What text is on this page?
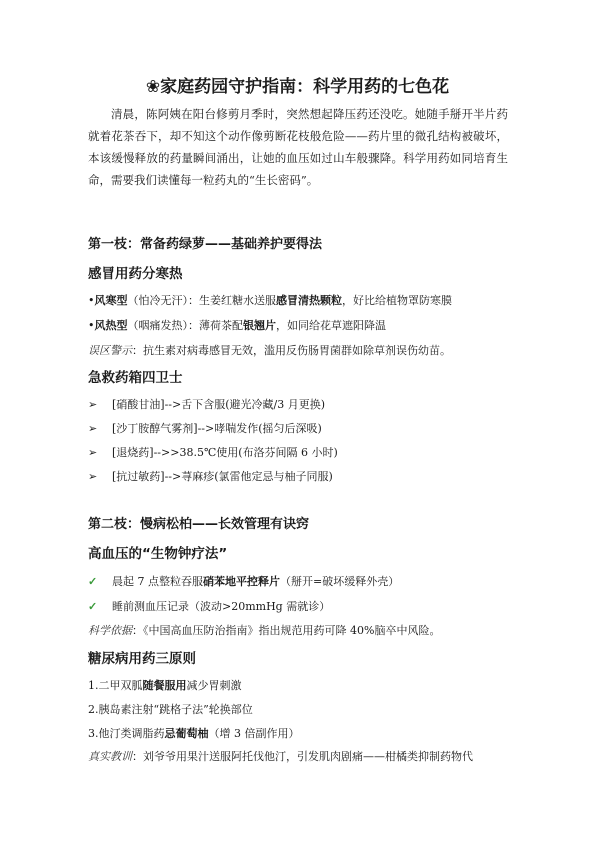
❀家庭药园守护指南：科学用药的七色花
清晨，陈阿姨在阳台修剪月季时，突然想起降压药还没吃。她随手掰开半片药就着花茶吞下，却不知这个动作像剪断花枝般危险——药片里的微孔结构被破坏，本该缓慢释放的药量瞬间涌出，让她的血压如过山车般骤降。科学用药如同培育生命，需要我们读懂每一粒药丸的“生长密码”。
第一枝：常备药绿萝——基础养护要得法
感冒用药分寒热
•风寒型（怕冷无汗）：生姜红糖水送服感冒清热颗粒，好比给植物罩防寒膜
•风热型（咽痛发热）：薄荷茶配银翘片，如同给花草遮阳降温
误区警示：抗生素对病毒感冒无效，滥用反伤肠胃菌群如除草剂误伤幼苗。
急救药箱四卫士
➢ [硝酸甘油]-->舌下含服(避光冷藏/3 月更换)
➢ [沙丁胺醇气雾剂]-->哮喘发作(摇匀后深吸)
➢ [退烧药]-->>38.5℃使用(布洛芬间隔 6 小时)
➢ [抗过敏药]-->荨麻疹(氯雷他定忌与柚子同服)
第二枝：慢病松柏——长效管理有诀窍
高血压的“生物钟疗法”
✓ 晨起 7 点整粒吞服硝苯地平控释片（掰开=破坏缓释外壳）
✓ 睡前测血压记录（波动>20mmHg 需就诊）
科学依据：《中国高血压防治指南》指出规范用药可降 40%脑卒中风险。
糖尿病用药三原则
1.二甲双胍随餐服用减少胃刺激
2.胰岛素注射“跳格子法”轮换部位
3.他汀类调脂药忌葡萄柚（增 3 倍副作用）
真实教训：刘爷爷用果汁送服阿托伐他汀，引发肌肉剧痛——柑橘类抑制药物代
